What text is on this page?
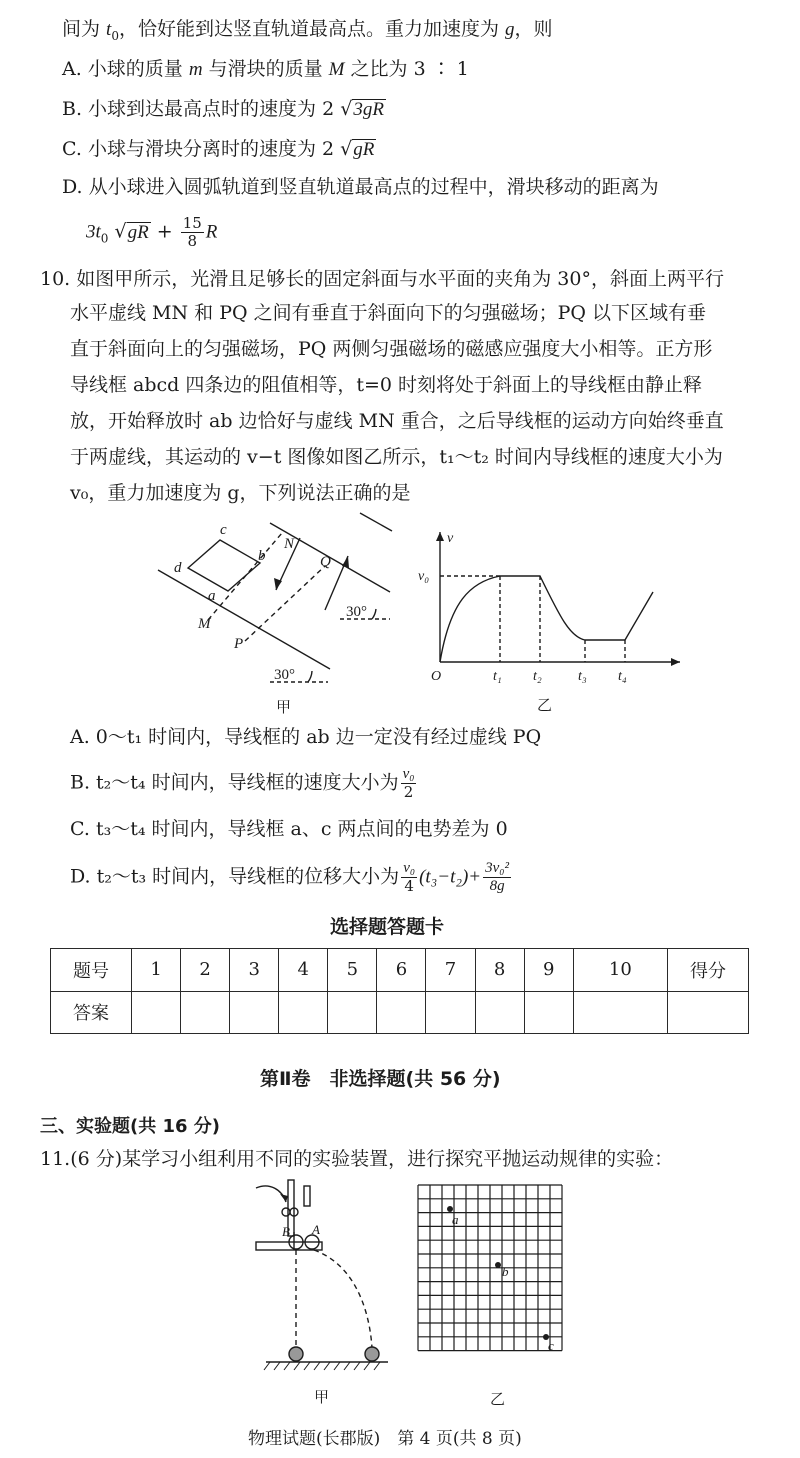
间为 $t_0$，恰好能到达竖直轨道最高点。重力加速度为 g，则
A. 小球的质量 m 与滑块的质量 M 之比为 3 ∶ 1
B. 小球到达最高点时的速度为 2 √3gR
C. 小球与滑块分离时的速度为 2 √gR
D. 从小球进入圆弧轨道到竖直轨道最高点的过程中，滑块移动的距离为
$3t_0$ $√gR + \frac{15}{8}$ R
10. 如图甲所示，光滑且足够长的固定斜面与水平面的夹角为 30°，斜面上两平行
水平虚线 MN 和 PQ 之间有垂直于斜面向下的匀强磁场；PQ 以下区域有垂
直于斜面向上的匀强磁场，PQ 两侧匀强磁场的磁感应强度大小相等。正方形
导线框 abcd 四条边的阻值相等，t=0 时刻将处于斜面上的导线框由静止释
放，开始释放时 ab 边恰好与虚线 MN 重合，之后导线框的运动方向始终垂直
于两虚线，其运动的 v−t 图像如图乙所示，t₁～t₂ 时间内导线框的速度大小为
v₀，重力加速度为 g，下列说法正确的是
c
d
b
a
N
Q
M
P
30°
30°
甲
v
O
v₀
t₁ t₂	t₃ t₄
乙
A. 0～t₁ 时间内，导线框的 ab 边一定没有经过虚线 PQ
B. t₂～t₄ 时间内，导线框的速度大小为 $\frac{\text{v₀}}{2}$
C. t₃～t₄ 时间内，导线框 a、c 两点间的电势差为 0
D. t₂～t₃ 时间内，导线框的位移大小为 $\frac{\text{v₀}}{4} (t_3-t_2)+ \frac{\text{3v₀²}}{8g}$
选择题答题卡
题号	1	2	3	4	5	6	7	8	9	10	得分
答案											
第Ⅱ卷　非选择题(共 56 分)
三、实验题(共 16 分)
11.(6 分)某学习小组利用不同的实验装置，进行探究平抛运动规律的实验：
B A
甲
a
b
c
乙
物理试题(长郡版)　第 4 页(共 8 页)
